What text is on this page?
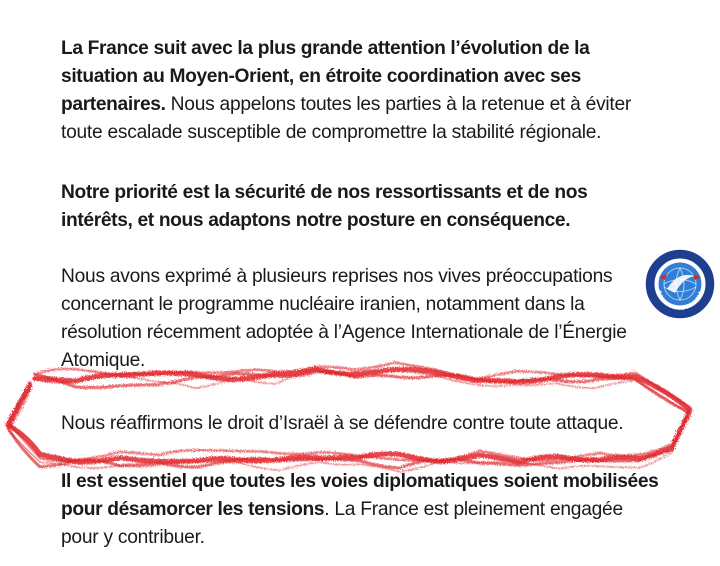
La France suit avec la plus grande attention l’évolution de la situation au Moyen-Orient, en étroite coordination avec ses partenaires. Nous appelons toutes les parties à la retenue et à éviter toute escalade susceptible de compromettre la stabilité régionale.

Notre priorité est la sécurité de nos ressortissants et de nos intérêts, et nous adaptons notre posture en conséquence.

Nous avons exprimé à plusieurs reprises nos vives préoccupations concernant le programme nucléaire iranien, notamment dans la résolution récemment adoptée à l’Agence Internationale de l’Énergie Atomique.

Nous réaffirmons le droit d’Israël à se défendre contre toute attaque.

Il est essentiel que toutes les voies diplomatiques soient mobilisées pour désamorcer les tensions. La France est pleinement engagée pour y contribuer.

DAILY MAIL ARABIA
